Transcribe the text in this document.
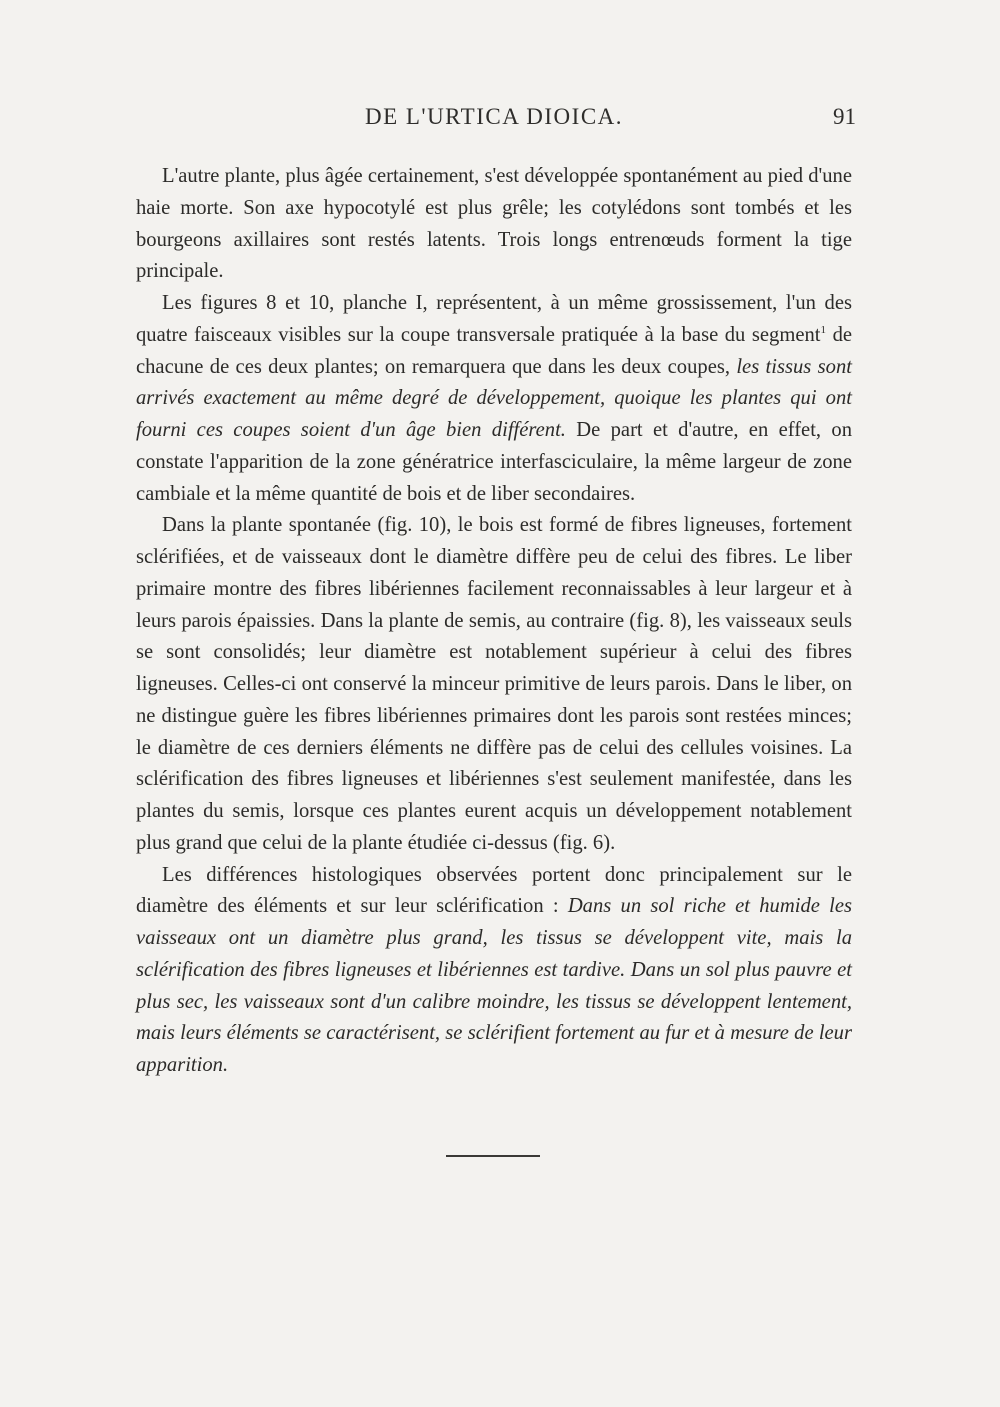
DE L'URTICA DIOICA.	91

L'autre plante, plus âgée certainement, s'est développée spontanément au pied d'une haie morte. Son axe hypocotylé est plus grêle; les cotylédons sont tombés et les bourgeons axillaires sont restés latents. Trois longs entrenœuds forment la tige principale.

Les figures 8 et 10, planche I, représentent, à un même grossissement, l'un des quatre faisceaux visibles sur la coupe transversale pratiquée à la base du segment$^1$ de chacune de ces deux plantes; on remarquera que dans les deux coupes, les tissus sont arrivés exactement au même degré de développement, quoique les plantes qui ont fourni ces coupes soient d'un âge bien différent. De part et d'autre, en effet, on constate l'apparition de la zone génératrice interfasciculaire, la même largeur de zone cambiale et la même quantité de bois et de liber secondaires.

Dans la plante spontanée (fig. 10), le bois est formé de fibres ligneuses, fortement sclérifiées, et de vaisseaux dont le diamètre diffère peu de celui des fibres. Le liber primaire montre des fibres libériennes facilement reconnaissables à leur largeur et à leurs parois épaissies. Dans la plante de semis, au contraire (fig. 8), les vaisseaux seuls se sont consolidés; leur diamètre est notablement supérieur à celui des fibres ligneuses. Celles-ci ont conservé la minceur primitive de leurs parois. Dans le liber, on ne distingue guère les fibres libériennes primaires dont les parois sont restées minces; le diamètre de ces derniers éléments ne diffère pas de celui des cellules voisines. La sclérification des fibres ligneuses et libériennes s'est seulement manifestée, dans les plantes du semis, lorsque ces plantes eurent acquis un développement notablement plus grand que celui de la plante étudiée ci-dessus (fig. 6).

Les différences histologiques observées portent donc principalement sur le diamètre des éléments et sur leur sclérification : Dans un sol riche et humide les vaisseaux ont un diamètre plus grand, les tissus se développent vite, mais la sclérification des fibres ligneuses et libériennes est tardive. Dans un sol plus pauvre et plus sec, les vaisseaux sont d'un calibre moindre, les tissus se développent lentement, mais leurs éléments se caractérisent, se sclérifient fortement au fur et à mesure de leur apparition.
